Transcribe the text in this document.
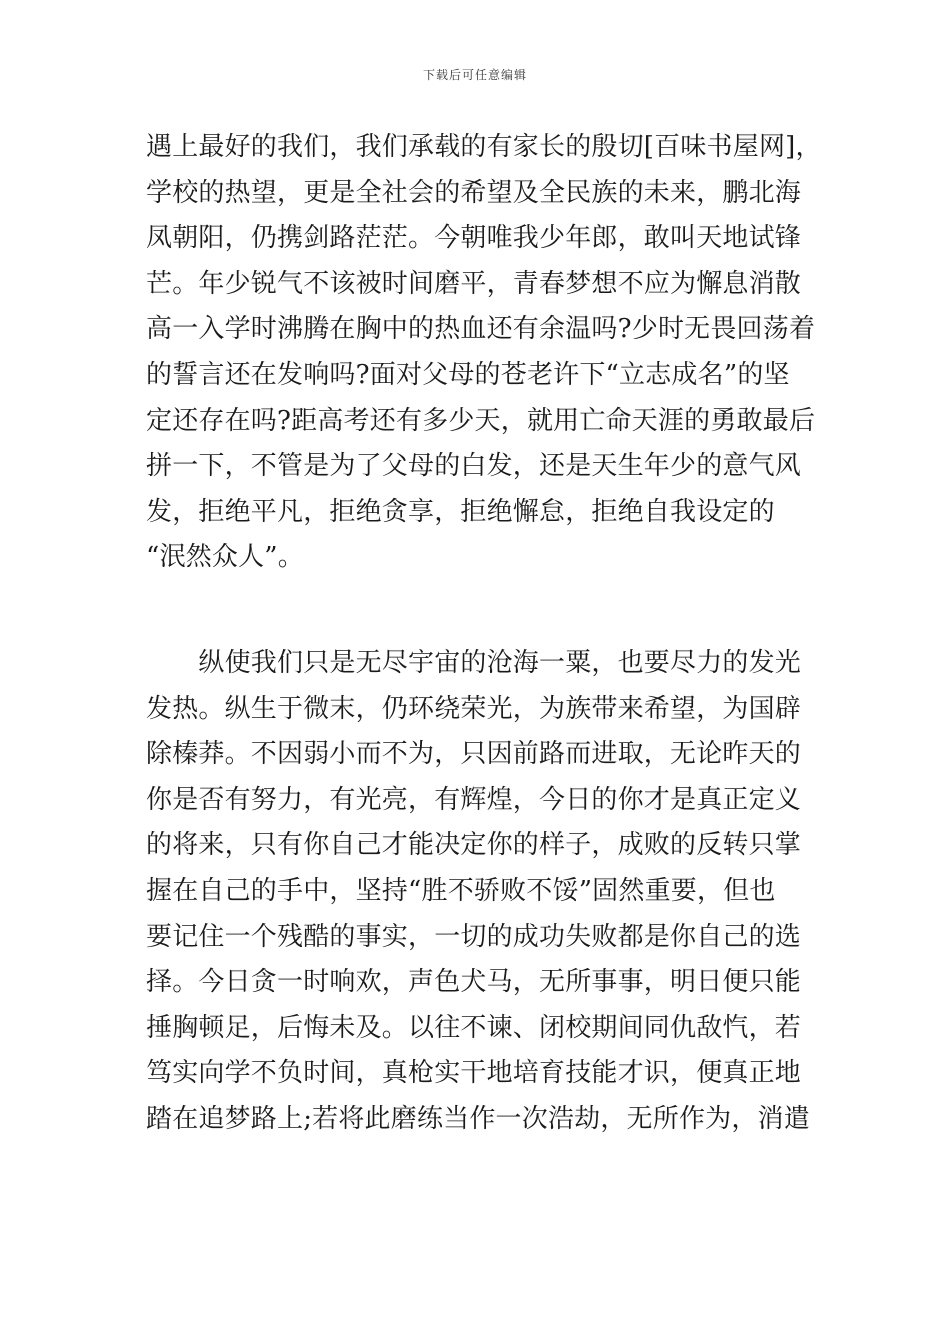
下载后可任意编辑
遇上最好的我们，我们承载的有家长的殷切[百味书屋网]，
学校的热望，更是全社会的希望及全民族的未来，鹏北海
凤朝阳，仍携剑路茫茫。今朝唯我少年郎，敢叫天地试锋
芒。年少锐气不该被时间磨平，青春梦想不应为懈息消散
高一入学时沸腾在胸中的热血还有余温吗?少时无畏回荡着
的誓言还在发响吗?面对父母的苍老许下“立志成名”的坚
定还存在吗?距高考还有多少天，就用亡命天涯的勇敢最后
拼一下，不管是为了父母的白发，还是天生年少的意气风
发，拒绝平凡，拒绝贪享，拒绝懈怠，拒绝自我设定的
“泯然众人”。
　　纵使我们只是无尽宇宙的沧海一粟，也要尽力的发光
发热。纵生于微末，仍环绕荣光，为族带来希望，为国辟
除榛莽。不因弱小而不为，只因前路而进取，无论昨天的
你是否有努力，有光亮，有辉煌，今日的你才是真正定义
的将来，只有你自己才能决定你的样子，成败的反转只掌
握在自己的手中，坚持“胜不骄败不馁”固然重要，但也
要记住一个残酷的事实，一切的成功失败都是你自己的选
择。今日贪一时响欢，声色犬马，无所事事，明日便只能
捶胸顿足，后悔未及。以往不谏、闭校期间同仇敌忾，若
笃实向学不负时间，真枪实干地培育技能才识，便真正地
踏在追梦路上;若将此磨练当作一次浩劫，无所作为，消遣
